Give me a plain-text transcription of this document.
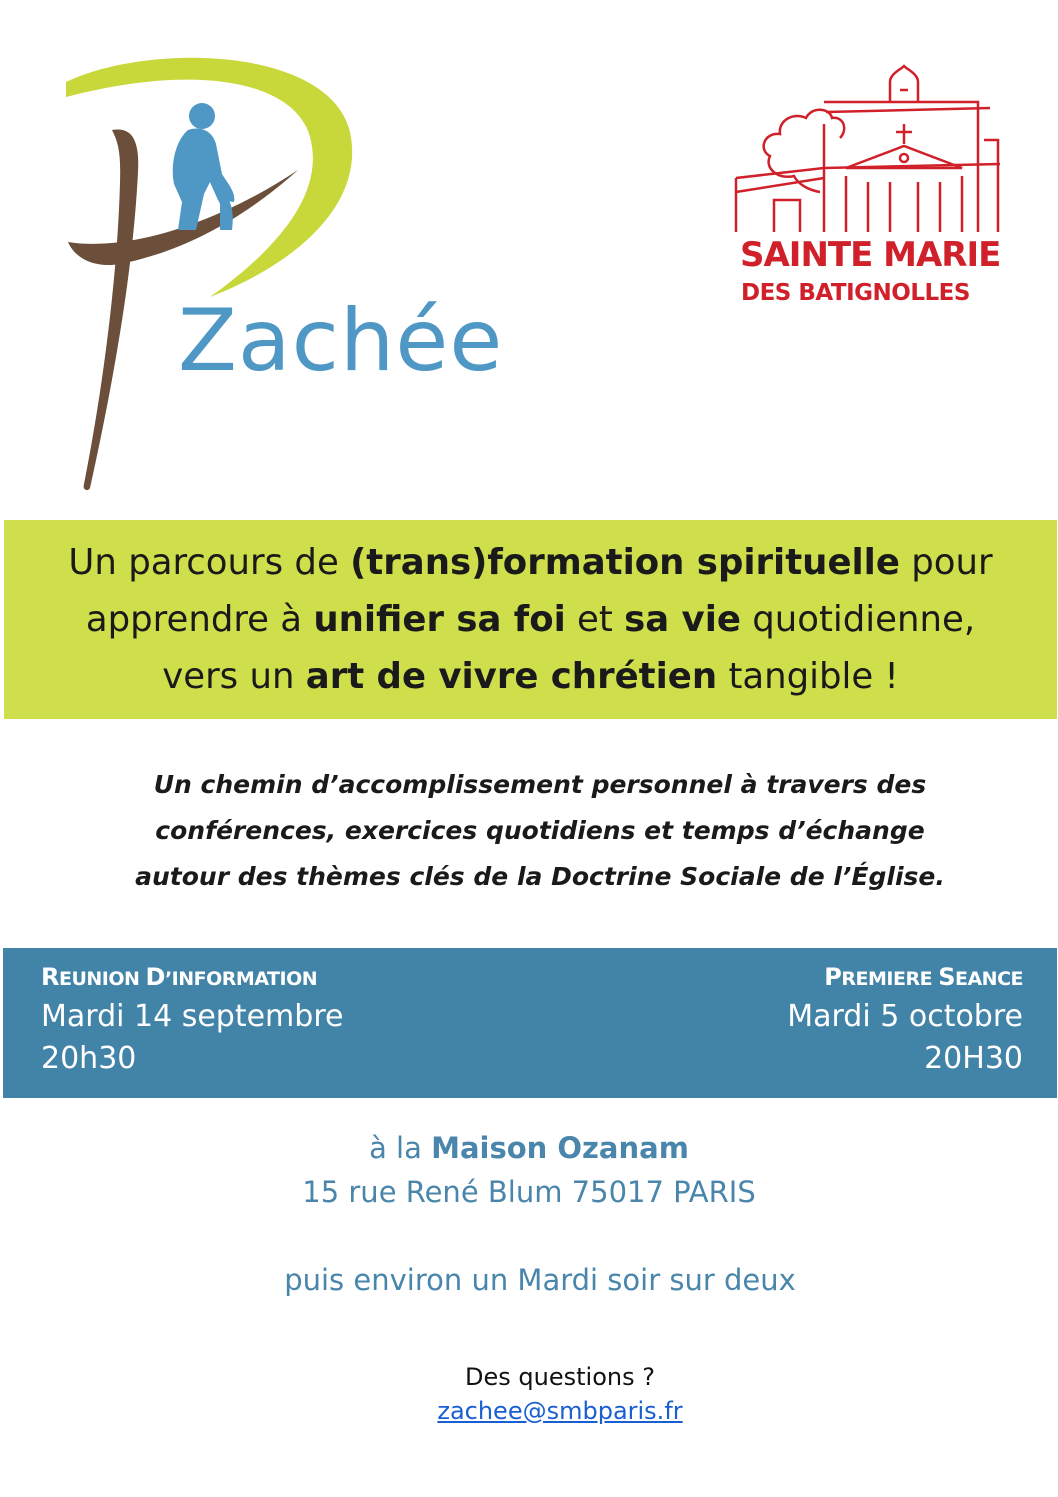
Zachée
SAINTE MARIE
DES BATIGNOLLES
Un parcours de (trans)formation spirituelle pour
apprendre à unifier sa foi et sa vie quotidienne,
vers un art de vivre chrétien tangible !
Un chemin d’accomplissement personnel à travers des
conférences, exercices quotidiens et temps d’échange
autour des thèmes clés de la Doctrine Sociale de l’Église.
REUNION D’INFORMATION
Mardi 14 septembre
20h30
PREMIERE SEANCE
Mardi 5 octobre
20H30
à la Maison Ozanam
15 rue René Blum 75017 PARIS
puis environ un Mardi soir sur deux
Des questions ?
zachee@smbparis.fr
